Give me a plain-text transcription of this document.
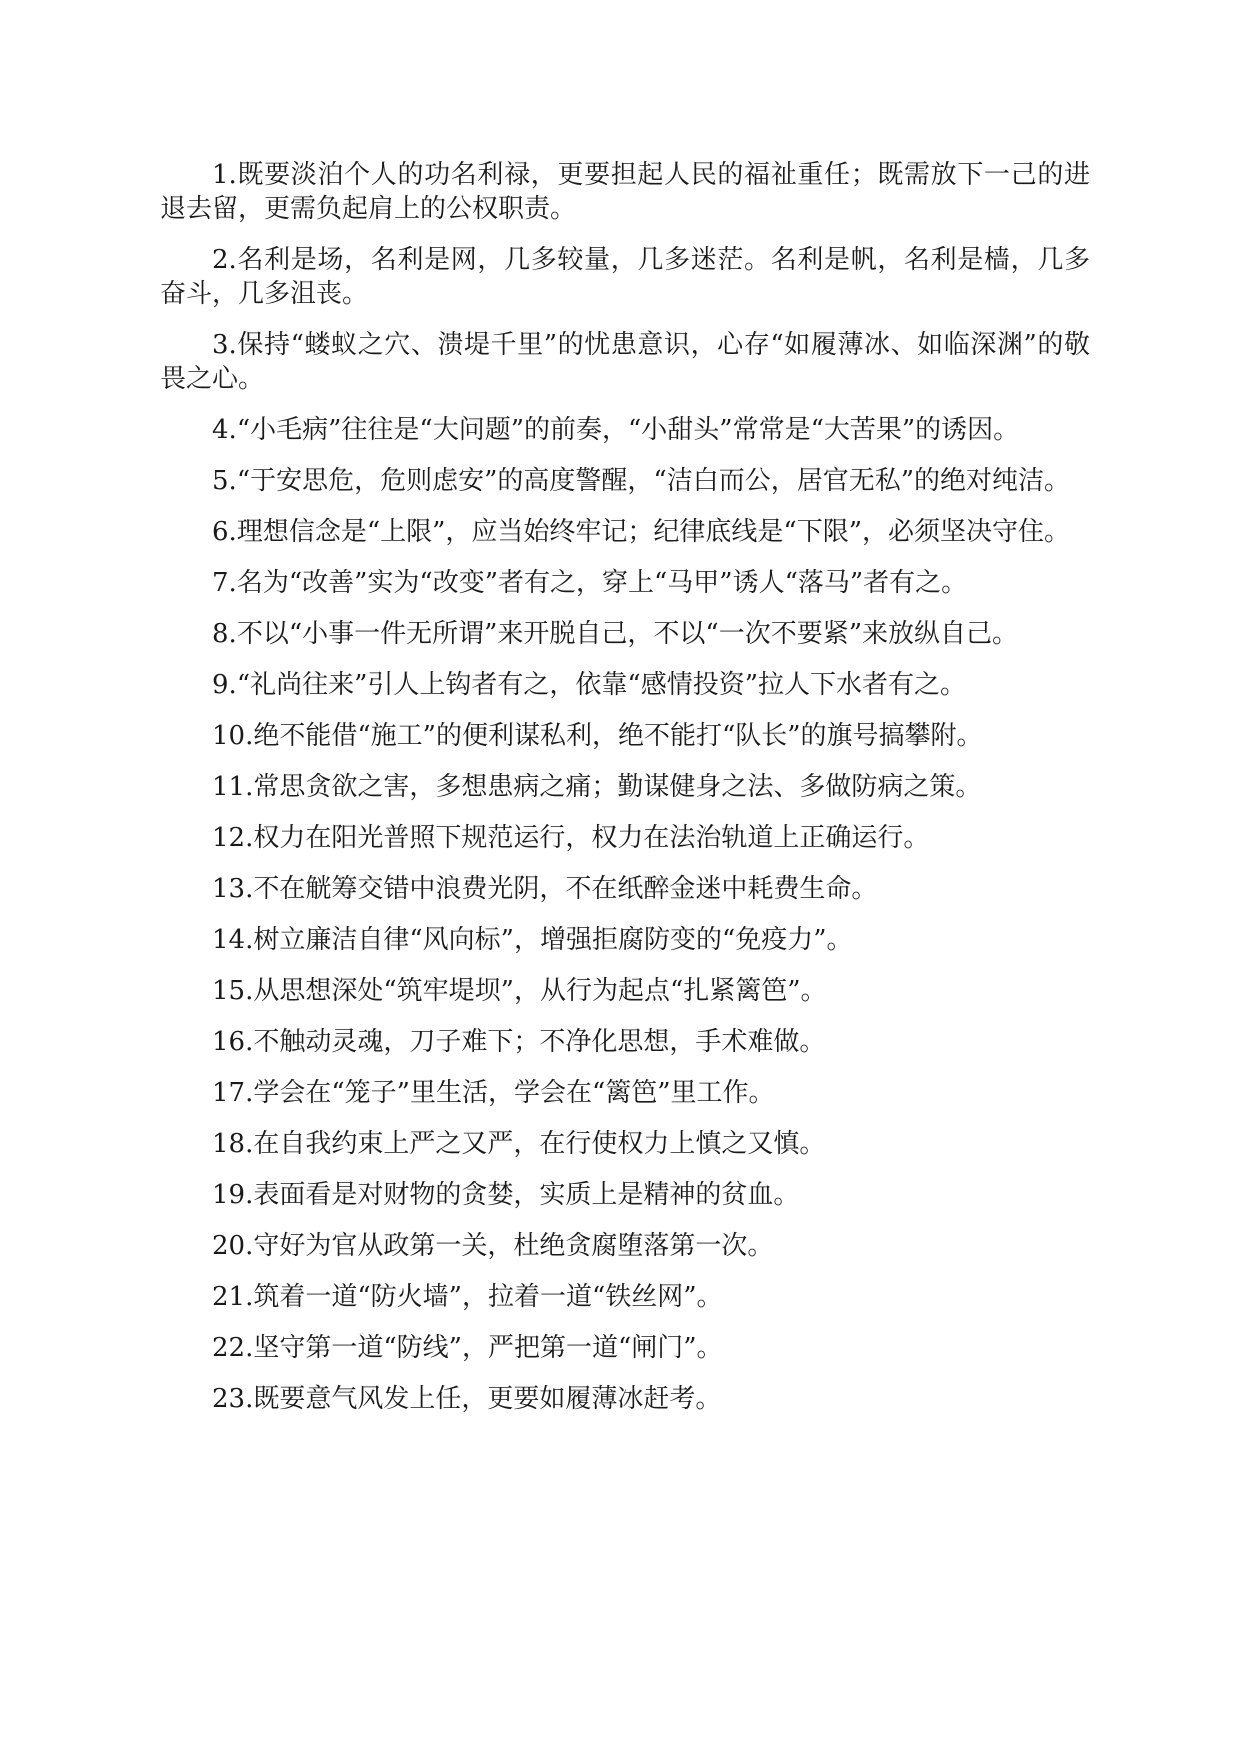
1.既要淡泊个人的功名利禄，更要担起人民的福祉重任；既需放下一己的进退去留，更需负起肩上的公权职责。

2.名利是场，名利是网，几多较量，几多迷茫。名利是帆，名利是樯，几多奋斗，几多沮丧。

3.保持“蝼蚁之穴、溃堤千里”的忧患意识，心存“如履薄冰、如临深渊”的敬畏之心。

4.“小毛病”往往是“大问题”的前奏，“小甜头”常常是“大苦果”的诱因。

5.“于安思危，危则虑安”的高度警醒，“洁白而公，居官无私”的绝对纯洁。

6.理想信念是“上限”，应当始终牢记；纪律底线是“下限”，必须坚决守住。

7.名为“改善”实为“改变”者有之，穿上“马甲”诱人“落马”者有之。

8.不以“小事一件无所谓”来开脱自己，不以“一次不要紧”来放纵自己。

9.“礼尚往来”引人上钩者有之，依靠“感情投资”拉人下水者有之。

10.绝不能借“施工”的便利谋私利，绝不能打“队长”的旗号搞攀附。

11.常思贪欲之害，多想患病之痛；勤谋健身之法、多做防病之策。

12.权力在阳光普照下规范运行，权力在法治轨道上正确运行。

13.不在觥筹交错中浪费光阴，不在纸醉金迷中耗费生命。

14.树立廉洁自律“风向标”，增强拒腐防变的“免疫力”。

15.从思想深处“筑牢堤坝”，从行为起点“扎紧篱笆”。

16.不触动灵魂，刀子难下；不净化思想，手术难做。

17.学会在“笼子”里生活，学会在“篱笆”里工作。

18.在自我约束上严之又严，在行使权力上慎之又慎。

19.表面看是对财物的贪婪，实质上是精神的贫血。

20.守好为官从政第一关，杜绝贪腐堕落第一次。

21.筑着一道“防火墙”，拉着一道“铁丝网”。

22.坚守第一道“防线”，严把第一道“闸门”。

23.既要意气风发上任，更要如履薄冰赶考。
